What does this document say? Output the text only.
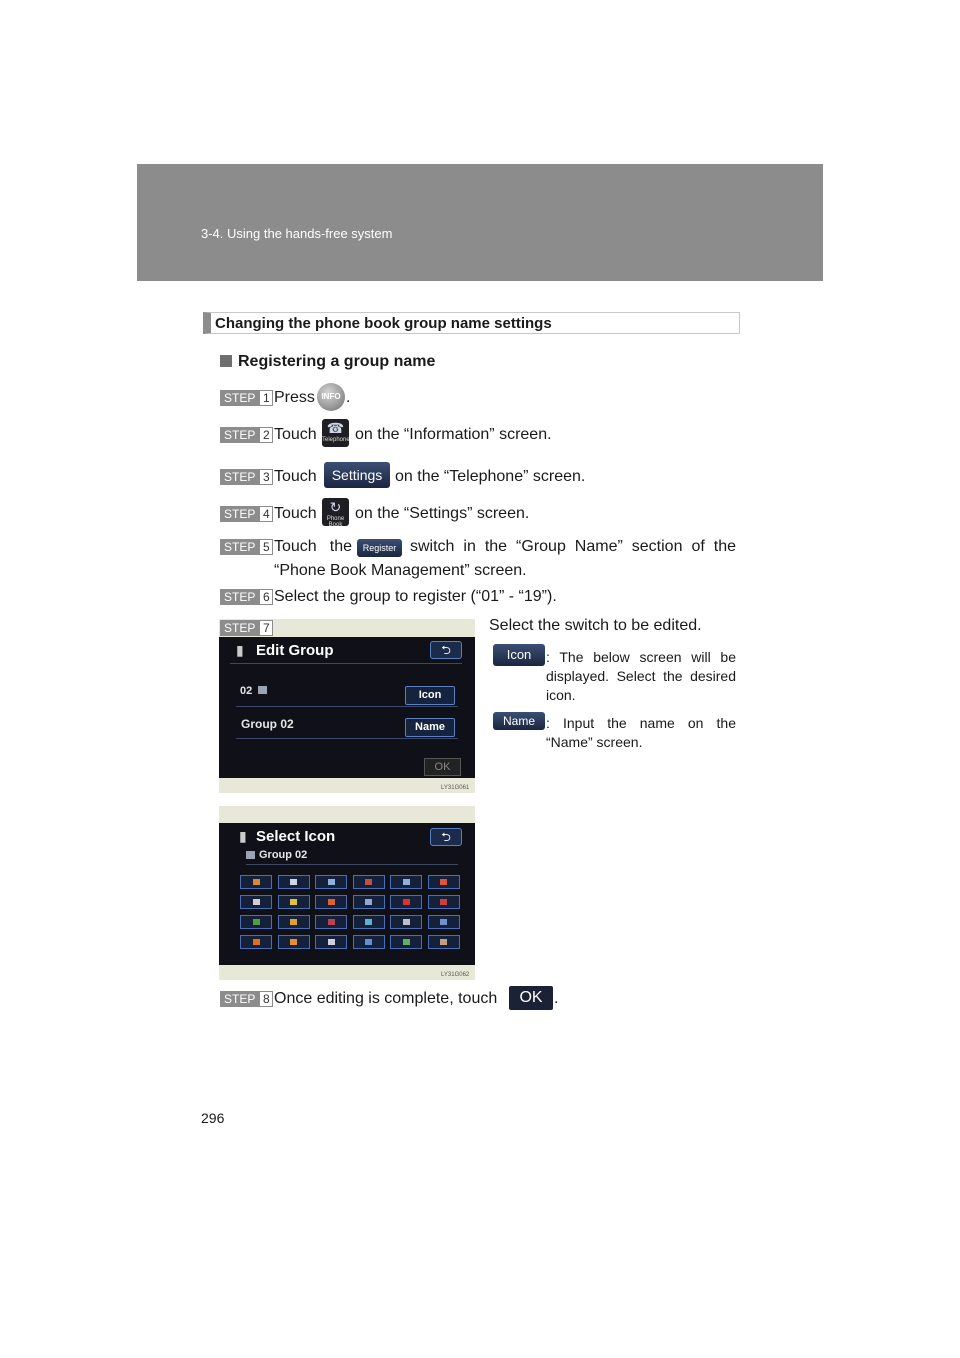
3-4. Using the hands-free system
Changing the phone book group name settings
Registering a group name
STEP 1 Press INFO .
STEP 2 Touch ☎
Telephone on the “Information” screen.
STEP 3 Touch	Settings on the “Telephone” screen.
STEP 4 Touch ↻
Phone Book
on the “Settings” screen.
STEP 5 Touch the	Register switch in the “Group Name” section of the
“Phone Book Management” screen.
STEP 6 Select the group to register (“01” - “19”).
STEP 7
▮ Edit Group	⮌
02	Icon
Group 02	Name
OK
LY31G061
Select the switch to be edited.
Icon	: The below screen will be displayed. Select the desired icon.
Name : Input the name on the “Name” screen.
▮ Select Icon	⮌
Group 02
LY31G062
STEP 8 Once editing is complete, touch	OK .
296
